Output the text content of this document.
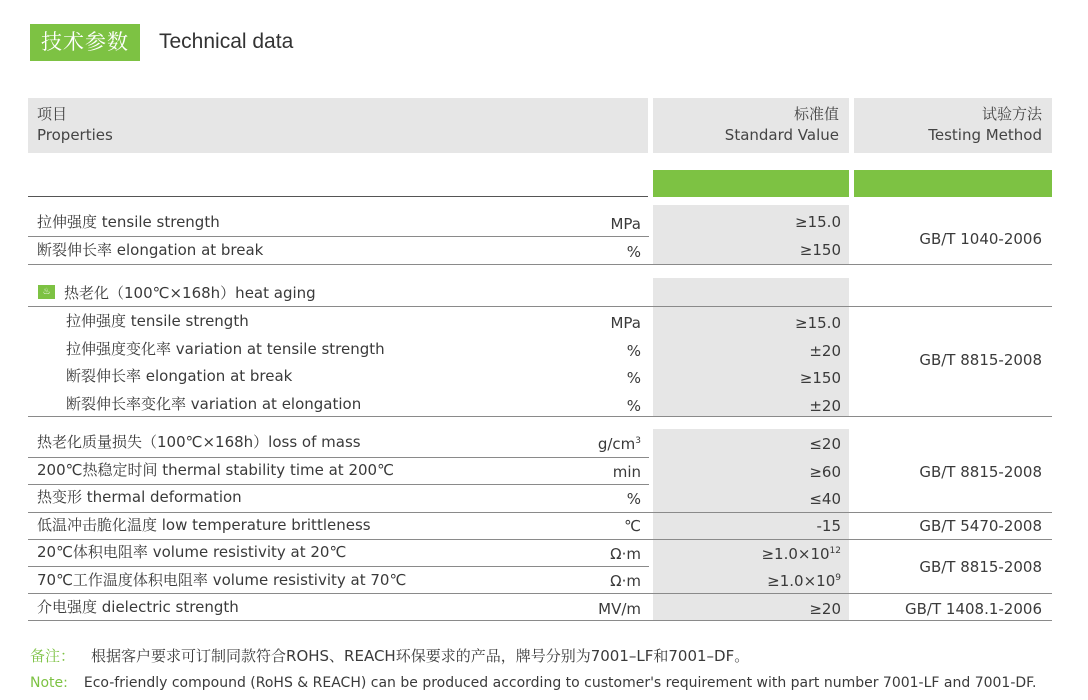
技术参数	Technical data
项目
Properties
标准值
Standard Value
试验方法
Testing Method
♨
拉伸强度 tensile strength
断裂伸长率 elongation at break
热老化（100℃×168h）heat aging
拉伸强度 tensile strength
拉伸强度变化率 variation at tensile strength
断裂伸长率 elongation at break
断裂伸长率变化率 variation at elongation
热老化质量损失（100℃×168h）loss of mass
200℃热稳定时间 thermal stability time at 200℃
热变形 thermal deformation
低温冲击脆化温度 low temperature brittleness
20℃体积电阻率 volume resistivity at 20℃
70℃工作温度体积电阻率 volume resistivity at 70℃
介电强度 dielectric strength
MPa
%
MPa
%
%
%
$g/cm^3$
min
%
℃
Ω·m
Ω·m
MV/m
≥15.0
≥150
≥15.0
±20
≥150
±20
≤20
≥60
≤40
-15
$\ge 1.0\times 10^{12}$
$\ge 1.0\times 10^9$
≥20
GB/T 1040-2006
GB/T 8815-2008
GB/T 8815-2008
GB/T 5470-2008
GB/T 8815-2008
GB/T 1408.1-2006
备注： 根据客户要求可订制同款符合ROHS、REACH环保要求的产品，牌号分别为7001–LF和7001–DF。
Note: Eco-friendly compound (RoHS & REACH) can be produced according to customer's requirement with part number 7001-LF and 7001-DF.
